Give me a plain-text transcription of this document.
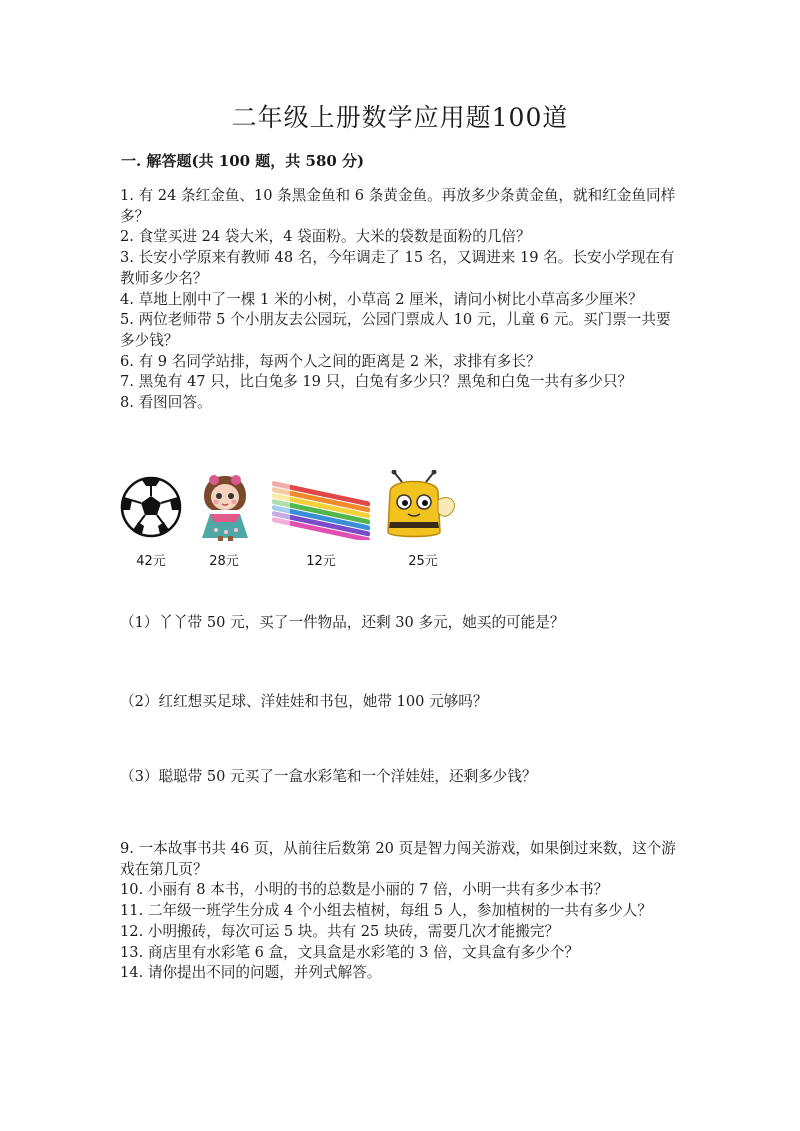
二年级上册数学应用题100道
一. 解答题(共 100 题，共 580 分)

1. 有 24 条红金鱼、10 条黑金鱼和 6 条黄金鱼。再放多少条黄金鱼，就和红金鱼同样多？

2. 食堂买进 24 袋大米，4 袋面粉。大米的袋数是面粉的几倍？

3. 长安小学原来有教师 48 名，今年调走了 15 名，又调进来 19 名。长安小学现在有教师多少名？

4. 草地上刚中了一棵 1 米的小树，小草高 2 厘米，请问小树比小草高多少厘米？

5. 两位老师带 5 个小朋友去公园玩，公园门票成人 10 元，儿童 6 元。买门票一共要多少钱？

6. 有 9 名同学站排，每两个人之间的距离是 2 米，求排有多长？

7. 黑兔有 47 只，比白兔多 19 只，白兔有多少只？黑兔和白兔一共有多少只？

8. 看图回答。

42元	28元	12元	25元
（1）丫丫带 50 元，买了一件物品，还剩 30 多元，她买的可能是？
（2）红红想买足球、洋娃娃和书包，她带 100 元够吗？
（3）聪聪带 50 元买了一盒水彩笔和一个洋娃娃，还剩多少钱？

9. 一本故事书共 46 页，从前往后数第 20 页是智力闯关游戏，如果倒过来数，这个游戏在第几页？

10. 小丽有 8 本书，小明的书的总数是小丽的 7 倍，小明一共有多少本书？

11. 二年级一班学生分成 4 个小组去植树，每组 5 人，参加植树的一共有多少人？

12. 小明搬砖，每次可运 5 块。共有 25 块砖，需要几次才能搬完？

13. 商店里有水彩笔 6 盒，文具盒是水彩笔的 3 倍，文具盒有多少个？

14. 请你提出不同的问题，并列式解答。
